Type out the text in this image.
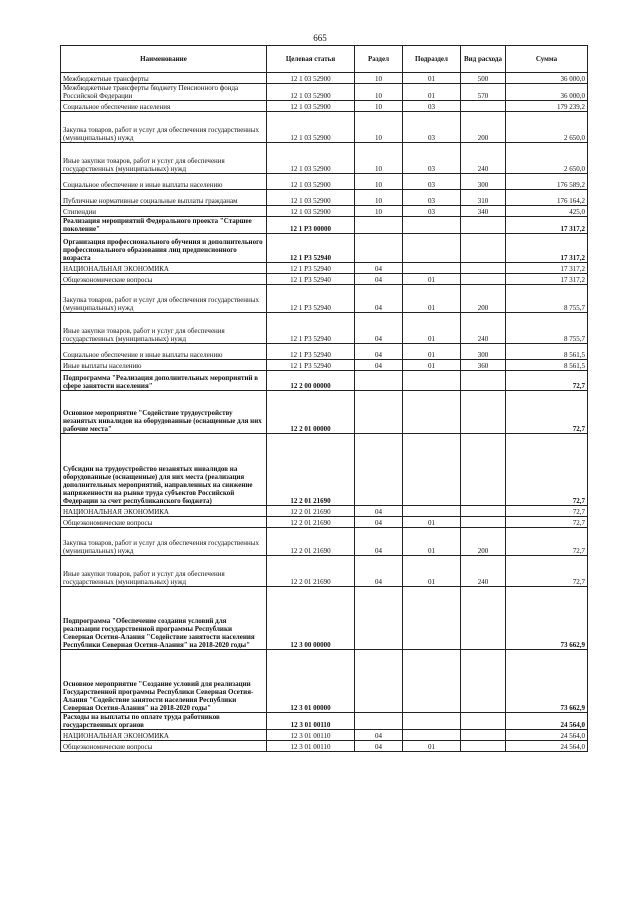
665
Наименование	Целевая статья	Раздел	Подраздел	Вид расхода	Сумма
Межбюджетные трансферты	12 1 03 52900	10	01	500	36 000,0
Межбюджетные трансферты бюджету Пенсионного фонда Российской Федерации	12 1 03 52900	10	01	570	36 000,0
Социальное обеспечение населения	12 1 03 52900	10	03		179 239,2
Закупка товаров, работ и услуг для обеспечения государственных (муниципальных) нужд	12 1 03 52900	10	03	200	2 650,0
Иные закупки товаров, работ и услуг для обеспечения государственных (муниципальных) нужд	12 1 03 52900	10	03	240	2 650,0
Социальное обеспечение и иные выплаты населению	12 1 03 52900	10	03	300	176 589,2
Публичные нормативные социальные выплаты гражданам	12 1 03 52900	10	03	310	176 164,2
Стипендии	12 1 03 52900	10	03	340	425,0
Реализация мероприятий Федерального проекта "Старшее поколение"	12 1 P3 00000				17 317,2
Организация профессионального обучения и дополнительного профессионального образования лиц предпенсионного возраста	12 1 P3 52940				17 317,2
НАЦИОНАЛЬНАЯ ЭКОНОМИКА	12 1 P3 52940	04			17 317,2
Общеэкономические вопросы	12 1 P3 52940	04	01		17 317,2
Закупка товаров, работ и услуг для обеспечения государственных (муниципальных) нужд	12 1 P3 52940	04	01	200	8 755,7
Иные закупки товаров, работ и услуг для обеспечения государственных (муниципальных) нужд	12 1 P3 52940	04	01	240	8 755,7
Социальное обеспечение и иные выплаты населению	12 1 P3 52940	04	01	300	8 561,5
Иные выплаты населению	12 1 P3 52940	04	01	360	8 561,5
Подпрограмма "Реализация дополнительных мероприятий в сфере занятости населения"	12 2 00 00000				72,7
Основное мероприятие "Содействие трудоустройству незанятых инвалидов на оборудованные (оснащенные для них рабочие места"	12 2 01 00000				72,7
Субсидии на трудоустройство незанятых инвалидов на оборудованные (оснащенные) для них места (реализация дополнительных мероприятий, направленных на снижение напряженности на рынке труда субъектов Российской Федерации за счет республиканского бюджета)	12 2 01 21690				72,7
НАЦИОНАЛЬНАЯ ЭКОНОМИКА	12 2 01 21690	04			72,7
Общеэкономические вопросы	12 2 01 21690	04	01		72,7
Закупка товаров, работ и услуг для обеспечения государственных (муниципальных) нужд	12 2 01 21690	04	01	200	72,7
Иные закупки товаров, работ и услуг для обеспечения государственных (муниципальных) нужд	12 2 01 21690	04	01	240	72,7
Подпрограмма "Обеспечение создания условий для реализации государственной программы Республики Северная Осетия-Алания "Содействие занятости населения Республики Северная Осетия-Алания" на 2018-2020 годы"	12 3 00 00000				73 662,9
Основное мероприятие "Создание условий для реализации Государственной программы Республики Северная Осетия-Алания "Содействие занятости населения Республики Северная Осетия-Алания" на 2018-2020 годы"	12 3 01 00000				73 662,9
Расходы на выплаты по оплате труда работников государственных органов	12 3 01 00110				24 564,0
НАЦИОНАЛЬНАЯ ЭКОНОМИКА	12 3 01 00110	04			24 564,0
Общеэкономические вопросы	12 3 01 00110	04	01		24 564,0
